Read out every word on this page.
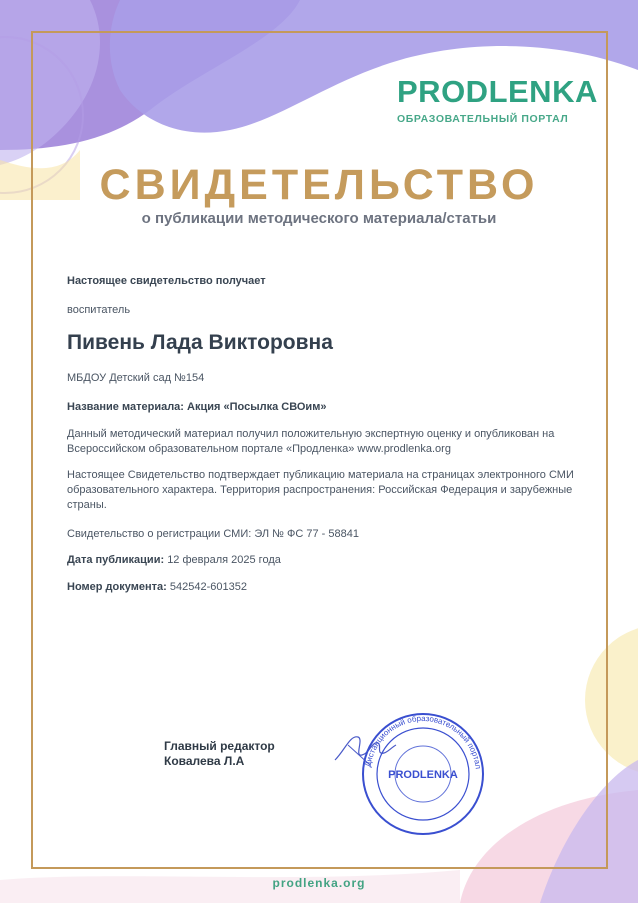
PRODLENKA
ОБРАЗОВАТЕЛЬНЫЙ ПОРТАЛ
СВИДЕТЕЛЬСТВО
о публикации методического материала/статьи
Настоящее свидетельство получает
воспитатель
Пивень Лада Викторовна
МБДОУ Детский сад №154
Название материала: Акция «Посылка СВОим»
Данный методический материал получил положительную экспертную оценку и опубликован на Всероссийском образовательном портале «Продленка» www.prodlenka.org
Настоящее Свидетельство подтверждает публикацию материала на страницах электронного СМИ образовательного характера. Территория распространения: Российская Федерация и зарубежные страны.
Свидетельство о регистрации СМИ: ЭЛ № ФС 77 - 58841
Дата публикации: 12 февраля 2025 года
Номер документа: 542542-601352
Главный редактор
Ковалева Л.А	Дистанционный образовательный портал
PRODLENKA
prodlenka.org
